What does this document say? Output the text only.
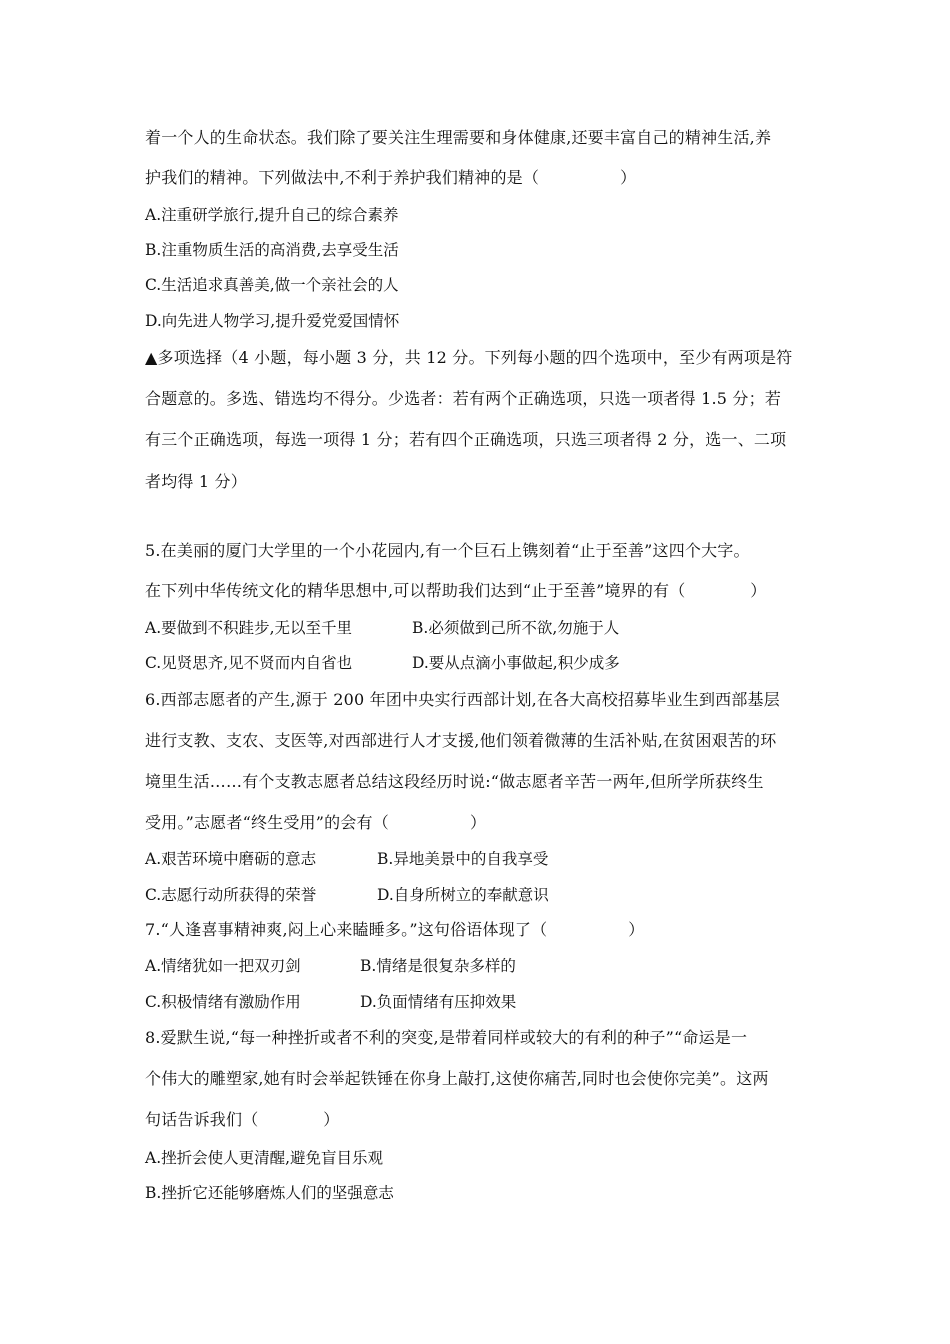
着一个人的生命状态。我们除了要关注生理需要和身体健康,还要丰富自己的精神生活,养
护我们的精神。下列做法中,不利于养护我们精神的是（　　　　　）
A.注重研学旅行,提升自己的综合素养
B.注重物质生活的高消费,去享受生活
C.生活追求真善美,做一个亲社会的人
D.向先进人物学习,提升爱党爱国情怀
▲多项选择（4 小题，每小题 3 分，共 12 分。下列每小题的四个选项中，至少有两项是符
合题意的。多选、错选均不得分。少选者：若有两个正确选项，只选一项者得 1.5 分；若
有三个正确选项，每选一项得 1 分；若有四个正确选项，只选三项者得 2 分，选一、二项
者均得 1 分）
5.在美丽的厦门大学里的一个小花园内,有一个巨石上镌刻着“止于至善”这四个大字。
在下列中华传统文化的精华思想中,可以帮助我们达到“止于至善”境界的有（　　　　）
A.要做到不积跬步,无以至千里	B.必须做到己所不欲,勿施于人
C.见贤思齐,见不贤而内自省也	D.要从点滴小事做起,积少成多
6.西部志愿者的产生,源于 200 年团中央实行西部计划,在各大高校招募毕业生到西部基层
进行支教、支农、支医等,对西部进行人才支援,他们领着微薄的生活补贴,在贫困艰苦的环
境里生活……有个支教志愿者总结这段经历时说:“做志愿者辛苦一两年,但所学所获终生
受用。”志愿者“终生受用”的会有（　　　　　）
A.艰苦环境中磨砺的意志	B.异地美景中的自我享受
C.志愿行动所获得的荣誉	D.自身所树立的奉献意识
7.“人逢喜事精神爽,闷上心来瞌睡多。”这句俗语体现了（　　　　　）
A.情绪犹如一把双刃剑	B.情绪是很复杂多样的
C.积极情绪有激励作用	D.负面情绪有压抑效果
8.爱默生说,“每一种挫折或者不利的突变,是带着同样或较大的有利的种子”“命运是一
个伟大的雕塑家,她有时会举起铁锤在你身上敲打,这使你痛苦,同时也会使你完美”。这两
句话告诉我们（　　　　）
A.挫折会使人更清醒,避免盲目乐观
B.挫折它还能够磨炼人们的坚强意志
